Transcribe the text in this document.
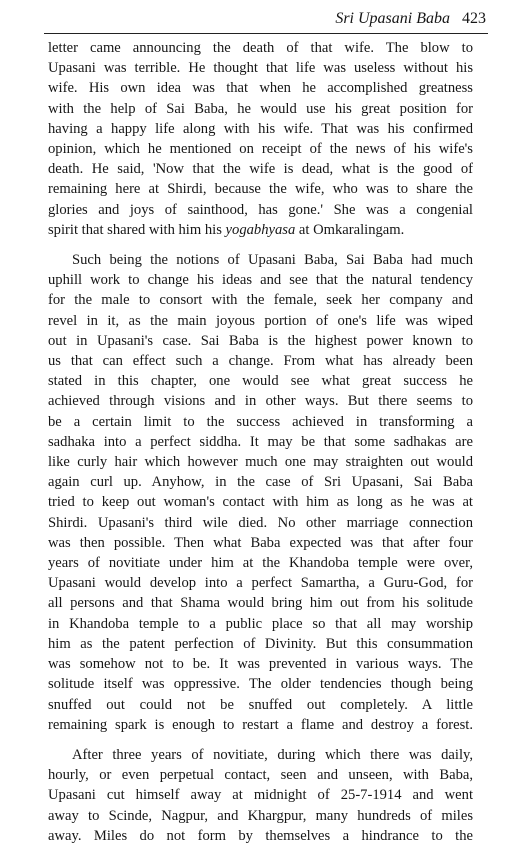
Sri Upasani Baba 423
letter came announcing the death of that wife. The blow to
Upasani was terrible. He thought that life was useless without his
wife. His own idea was that when he accomplished greatness
with the help of Sai Baba, he would use his great position for
having a happy life along with his wife. That was his confirmed
opinion, which he mentioned on receipt of the news of his wife's
death. He said, 'Now that the wife is dead, what is the good of
remaining here at Shirdi, because the wife, who was to share the
glories and joys of sainthood, has gone.' She was a congenial
spirit that shared with him his yogabhyasa at Omkaralingam.
Such being the notions of Upasani Baba, Sai Baba had much
uphill work to change his ideas and see that the natural tendency
for the male to consort with the female, seek her company and
revel in it, as the main joyous portion of one's life was wiped
out in Upasani's case. Sai Baba is the highest power known to
us that can effect such a change. From what has already been
stated in this chapter, one would see what great success he
achieved through visions and in other ways. But there seems to
be a certain limit to the success achieved in transforming a
sadhaka into a perfect siddha. It may be that some sadhakas are
like curly hair which however much one may straighten out would
again curl up. Anyhow, in the case of Sri Upasani, Sai Baba
tried to keep out woman's contact with him as long as he was at
Shirdi. Upasani's third wile died. No other marriage connection
was then possible. Then what Baba expected was that after four
years of novitiate under him at the Khandoba temple were over,
Upasani would develop into a perfect Samartha, a Guru-God, for
all persons and that Shama would bring him out from his solitude
in Khandoba temple to a public place so that all may worship
him as the patent perfection of Divinity. But this consummation
was somehow not to be. It was prevented in various ways. The
solitude itself was oppressive. The older tendencies though being
snuffed out could not be snuffed out completely. A little
remaining spark is enough to restart a flame and destroy a forest.
After three years of novitiate, during which there was daily,
hourly, or even perpetual contact, seen and unseen, with Baba,
Upasani cut himself away at midnight of 25-7-1914 and went
away to Scinde, Nagpur, and Khargpur, many hundreds of miles
away. Miles do not form by themselves a hindrance to the
